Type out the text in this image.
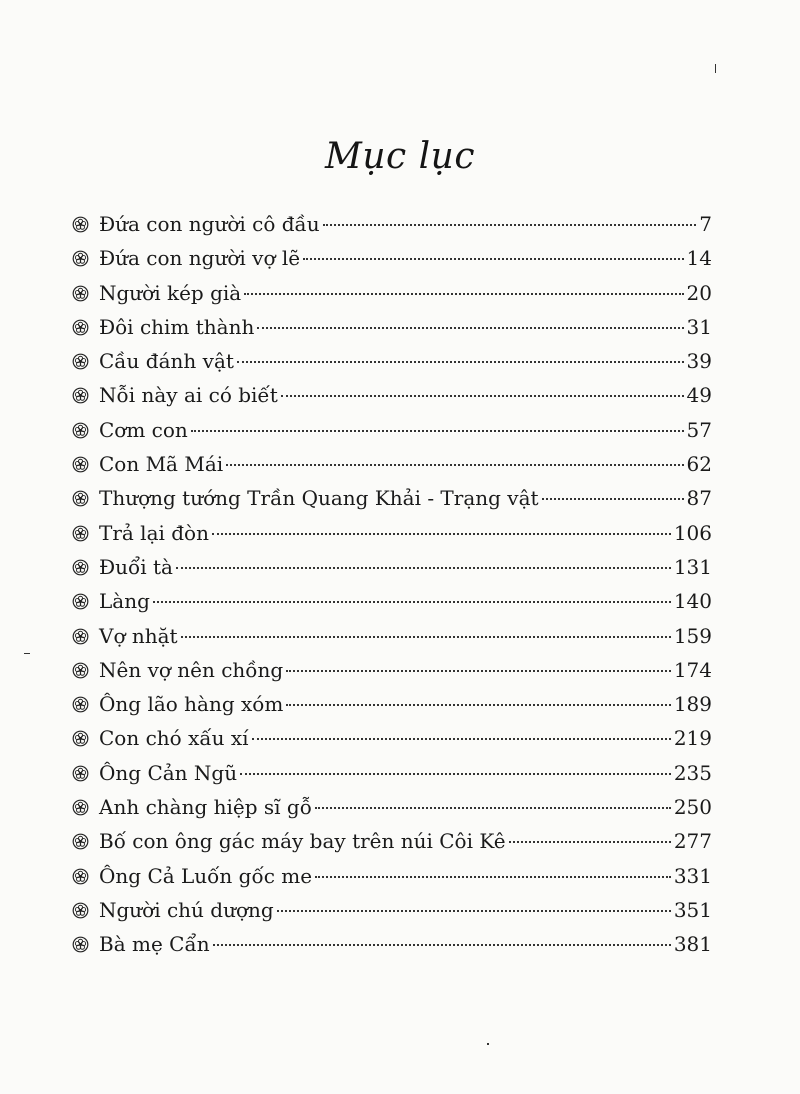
Mục lục
Đứa con người cô đầu	7
Đứa con người vợ lẽ	14
Người kép già	20
Đôi chim thành	31
Cầu đánh vật	39
Nỗi này ai có biết	49
Cơm con	57
Con Mã Mái	62
Thượng tướng Trần Quang Khải - Trạng vật	87
Trả lại đòn	106
Đuổi tà	131
Làng	140
Vợ nhặt	159
Nên vợ nên chồng	174
Ông lão hàng xóm	189
Con chó xấu xí	219
Ông Cản Ngũ	235
Anh chàng hiệp sĩ gỗ	250
Bố con ông gác máy bay trên núi Côi Kê	277
Ông Cả Luốn gốc me	331
Người chú dượng	351
Bà mẹ Cẩn	381
